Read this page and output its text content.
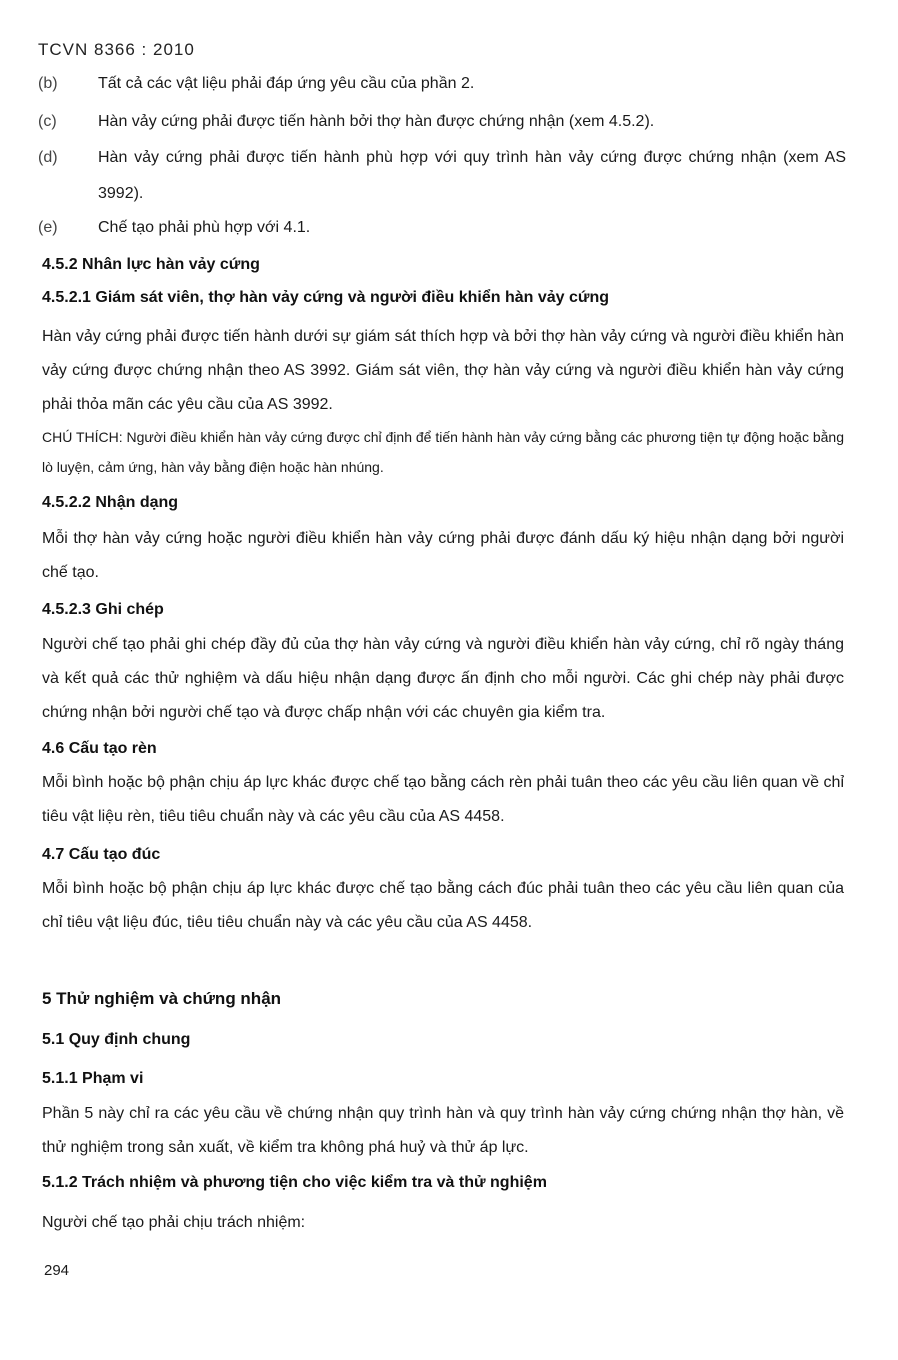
TCVN 8366 : 2010
(b)	Tất cả các vật liệu phải đáp ứng yêu cầu của phần 2.
(c)	Hàn vảy cứng phải được tiến hành bởi thợ hàn được chứng nhận (xem 4.5.2).
(d)	Hàn vảy cứng phải được tiến hành phù hợp với quy trình hàn vảy cứng được chứng nhận (xem AS 3992).
(e)	Chế tạo phải phù hợp với 4.1.
4.5.2 Nhân lực hàn vảy cứng
4.5.2.1 Giám sát viên, thợ hàn vảy cứng và người điều khiển hàn vảy cứng
Hàn vảy cứng phải được tiến hành dưới sự giám sát thích hợp và bởi thợ hàn vảy cứng và người điều khiển hàn vảy cứng được chứng nhận theo AS 3992. Giám sát viên, thợ hàn vảy cứng và người điều khiển hàn vảy cứng phải thỏa mãn các yêu cầu của AS 3992.
CHÚ THÍCH: Người điều khiển hàn vảy cứng được chỉ định để tiến hành hàn vảy cứng bằng các phương tiện tự động hoặc bằng lò luyện, cảm ứng, hàn vảy bằng điện hoặc hàn nhúng.
4.5.2.2 Nhận dạng
Mỗi thợ hàn vảy cứng hoặc người điều khiển hàn vảy cứng phải được đánh dấu ký hiệu nhận dạng bởi người chế tạo.
4.5.2.3 Ghi chép
Người chế tạo phải ghi chép đầy đủ của thợ hàn vảy cứng và người điều khiển hàn vảy cứng, chỉ rõ ngày tháng và kết quả các thử nghiệm và dấu hiệu nhận dạng được ấn định cho mỗi người. Các ghi chép này phải được chứng nhận bởi người chế tạo và được chấp nhận với các chuyên gia kiểm tra.
4.6 Cấu tạo rèn
Mỗi bình hoặc bộ phận chịu áp lực khác được chế tạo bằng cách rèn phải tuân theo các yêu cầu liên quan về chỉ tiêu vật liệu rèn, tiêu tiêu chuẩn này và các yêu cầu của AS 4458.
4.7 Cấu tạo đúc
Mỗi bình hoặc bộ phận chịu áp lực khác được chế tạo bằng cách đúc phải tuân theo các yêu cầu liên quan của chỉ tiêu vật liệu đúc, tiêu tiêu chuẩn này và các yêu cầu của AS 4458.
5 Thử nghiệm và chứng nhận
5.1 Quy định chung
5.1.1 Phạm vi
Phần 5 này chỉ ra các yêu cầu về chứng nhận quy trình hàn và quy trình hàn vảy cứng chứng nhận thợ hàn, về thử nghiệm trong sản xuất, về kiểm tra không phá huỷ và thử áp lực.
5.1.2 Trách nhiệm và phương tiện cho việc kiểm tra và thử nghiệm
Người chế tạo phải chịu trách nhiệm:
294
